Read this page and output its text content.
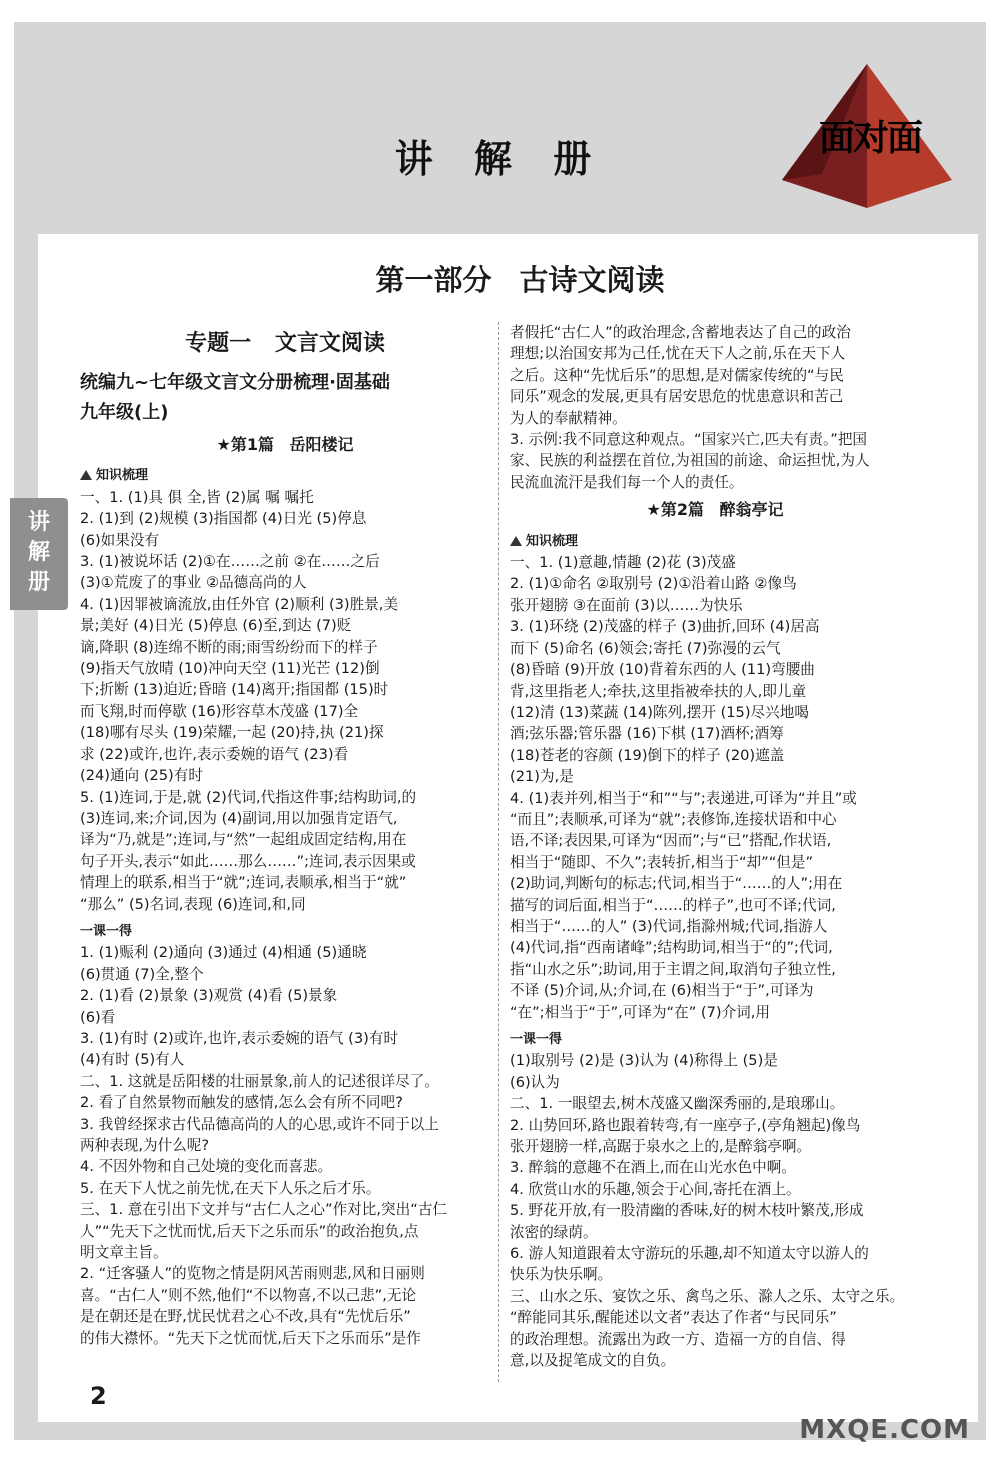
讲 解 册	面对面
讲
解
册
第一部分 古诗文阅读

专题一 文言文阅读

统编九~七年级文言文分册梳理·固基础

九年级(上)

★第1篇 岳阳楼记

知识梳理

一、1. (1)具 俱 全,皆 (2)属 嘱 嘱托

2. (1)到 (2)规模 (3)指国都 (4)日光 (5)停息

(6)如果没有

3. (1)被说坏话 (2)①在……之前 ②在……之后

(3)①荒废了的事业 ②品德高尚的人

4. (1)因罪被谪流放,由任外官 (2)顺利 (3)胜景,美

景;美好 (4)日光 (5)停息 (6)至,到达 (7)贬

谪,降职 (8)连绵不断的雨;雨雪纷纷而下的样子

(9)指天气放晴 (10)冲向天空 (11)光芒 (12)倒

下;折断 (13)迫近;昏暗 (14)离开;指国都 (15)时

而飞翔,时而停歇 (16)形容草木茂盛 (17)全

(18)哪有尽头 (19)荣耀,一起 (20)持,执 (21)探

求 (22)或许,也许,表示委婉的语气 (23)看

(24)通向 (25)有时

5. (1)连词,于是,就 (2)代词,代指这件事;结构助词,的

(3)连词,来;介词,因为 (4)副词,用以加强肯定语气,

译为“乃,就是”;连词,与“然”一起组成固定结构,用在

句子开头,表示“如此……那么……”;连词,表示因果或

情理上的联系,相当于“就”;连词,表顺承,相当于“就”

“那么” (5)名词,表现 (6)连词,和,同

一课一得

1. (1)赈利 (2)通向 (3)通过 (4)相通 (5)通晓

(6)贯通 (7)全,整个

2. (1)看 (2)景象 (3)观赏 (4)看 (5)景象

(6)看

3. (1)有时 (2)或许,也许,表示委婉的语气 (3)有时

(4)有时 (5)有人

二、1. 这就是岳阳楼的壮丽景象,前人的记述很详尽了。

2. 看了自然景物而触发的感情,怎么会有所不同吧?

3. 我曾经探求古代品德高尚的人的心思,或许不同于以上

两种表现,为什么呢?

4. 不因外物和自己处境的变化而喜悲。

5. 在天下人忧之前先忧,在天下人乐之后才乐。

三、1. 意在引出下文并与“古仁人之心”作对比,突出“古仁

人”“先天下之忧而忧,后天下之乐而乐”的政治抱负,点

明文章主旨。

2. “迁客骚人”的览物之情是阴风苦雨则悲,风和日丽则

喜。“古仁人”则不然,他们“不以物喜,不以己悲”,无论

是在朝还是在野,忧民忧君之心不改,具有“先忧后乐”

的伟大襟怀。“先天下之忧而忧,后天下之乐而乐”是作

者假托“古仁人”的政治理念,含蓄地表达了自己的政治

理想;以治国安邦为己任,忧在天下人之前,乐在天下人

之后。这种“先忧后乐”的思想,是对儒家传统的“与民

同乐”观念的发展,更具有居安思危的忧患意识和苦己

为人的奉献精神。

3. 示例:我不同意这种观点。“国家兴亡,匹夫有责。”把国

家、民族的利益摆在首位,为祖国的前途、命运担忧,为人

民流血流汗是我们每一个人的责任。

★第2篇 醉翁亭记

知识梳理

一、1. (1)意趣,情趣 (2)花 (3)茂盛

2. (1)①命名 ②取别号 (2)①沿着山路 ②像鸟

张开翅膀 ③在面前 (3)以……为快乐

3. (1)环绕 (2)茂盛的样子 (3)曲折,回环 (4)居高

而下 (5)命名 (6)领会;寄托 (7)弥漫的云气

(8)昏暗 (9)开放 (10)背着东西的人 (11)弯腰曲

背,这里指老人;牵扶,这里指被牵扶的人,即儿童

(12)清 (13)菜蔬 (14)陈列,摆开 (15)尽兴地喝

酒;弦乐器;管乐器 (16)下棋 (17)酒杯;酒筹

(18)苍老的容颜 (19)倒下的样子 (20)遮盖

(21)为,是

4. (1)表并列,相当于“和”“与”;表递进,可译为“并且”或

“而且”;表顺承,可译为“就”;表修饰,连接状语和中心

语,不译;表因果,可译为“因而”;与“已”搭配,作状语,

相当于“随即、不久”;表转折,相当于“却”“但是”

(2)助词,判断句的标志;代词,相当于“……的人”;用在

描写的词后面,相当于“……的样子”,也可不译;代词,

相当于“……的人” (3)代词,指滁州城;代词,指游人

(4)代词,指“西南诸峰”;结构助词,相当于“的”;代词,

指“山水之乐”;助词,用于主谓之间,取消句子独立性,

不译 (5)介词,从;介词,在 (6)相当于“于”,可译为

“在”;相当于“于”,可译为“在” (7)介词,用

一课一得

(1)取别号 (2)是 (3)认为 (4)称得上 (5)是

(6)认为

二、1. 一眼望去,树木茂盛又幽深秀丽的,是琅琊山。

2. 山势回环,路也跟着转弯,有一座亭子,(亭角翘起)像鸟

张开翅膀一样,高踞于泉水之上的,是醉翁亭啊。

3. 醉翁的意趣不在酒上,而在山光水色中啊。

4. 欣赏山水的乐趣,领会于心间,寄托在酒上。

5. 野花开放,有一股清幽的香味,好的树木枝叶繁茂,形成

浓密的绿荫。

6. 游人知道跟着太守游玩的乐趣,却不知道太守以游人的

快乐为快乐啊。

三、山水之乐、宴饮之乐、禽鸟之乐、滁人之乐、太守之乐。

“醉能同其乐,醒能述以文者”表达了作者“与民同乐”

的政治理想。流露出为政一方、造福一方的自信、得

意,以及捉笔成文的自负。

2
MXQE.COM
